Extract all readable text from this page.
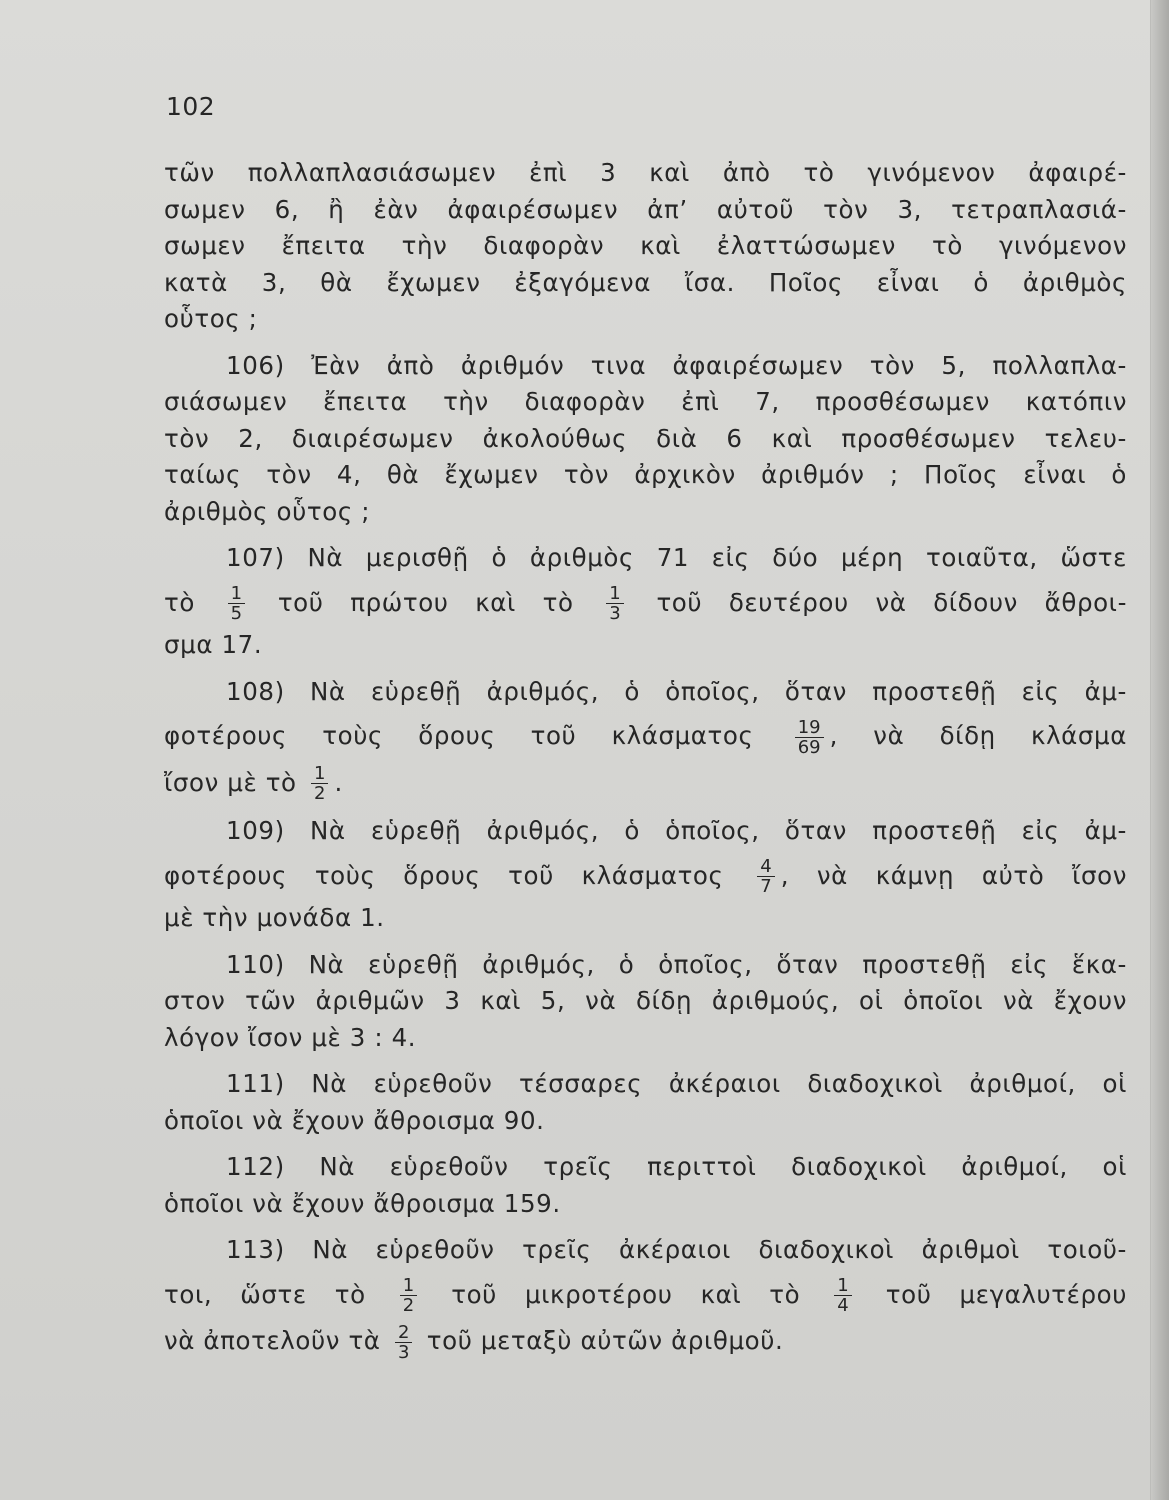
102

τῶν πολλαπλασιάσωμεν ἐπὶ 3 καὶ ἀπὸ τὸ γινόμενον ἀφαιρέ-
σωμεν 6, ἢ ἐὰν ἀφαιρέσωμεν ἀπ’ αὐτοῦ τὸν 3, τετραπλασιά-
σωμεν ἔπειτα τὴν διαφορὰν καὶ ἐλαττώσωμεν τὸ γινόμενον
κατὰ 3, θὰ ἔχωμεν ἐξαγόμενα ἴσα. Ποῖος εἶναι ὁ ἀριθμὸς
οὗτος ;

106) Ἐὰν ἀπὸ ἀριθμόν τινα ἀφαιρέσωμεν τὸν 5, πολλαπλα-
σιάσωμεν ἔπειτα τὴν διαφορὰν ἐπὶ 7, προσθέσωμεν κατόπιν
τὸν 2, διαιρέσωμεν ἀκολούθως διὰ 6 καὶ προσθέσωμεν τελευ-
ταίως τὸν 4, θὰ ἔχωμεν τὸν ἀρχικὸν ἀριθμόν ; Ποῖος εἶναι ὁ
ἀριθμὸς οὗτος ;

107) Νὰ μερισθῇ ὁ ἀριθμὸς 71 εἰς δύο μέρη τοιαῦτα, ὥστε
τὸ $\frac{1}{5}$ τοῦ πρώτου καὶ τὸ $\frac{1}{3}$ τοῦ δευτέρου νὰ δίδουν ἄθροι-
σμα 17.

108) Νὰ εὑρεθῇ ἀριθμός, ὁ ὁποῖος, ὅταν προστεθῇ εἰς ἀμ-
φοτέρους τοὺς ὅρους τοῦ κλάσματος $\frac{19}{69}$ , νὰ δίδῃ κλάσμα
ἴσον μὲ τὸ $\frac{1}{2}$ .

109) Νὰ εὑρεθῇ ἀριθμός, ὁ ὁποῖος, ὅταν προστεθῇ εἰς ἀμ-
φοτέρους τοὺς ὅρους τοῦ κλάσματος $\frac{4}{7}$ , νὰ κάμνῃ αὐτὸ ἴσον
μὲ τὴν μονάδα 1.

110) Νὰ εὑρεθῇ ἀριθμός, ὁ ὁποῖος, ὅταν προστεθῇ εἰς ἕκα-
στον τῶν ἀριθμῶν 3 καὶ 5, νὰ δίδῃ ἀριθμούς, οἱ ὁποῖοι νὰ ἔχουν
λόγον ἴσον μὲ 3 : 4.

111) Νὰ εὑρεθοῦν τέσσαρες ἀκέραιοι διαδοχικοὶ ἀριθμοί, οἱ
ὁποῖοι νὰ ἔχουν ἄθροισμα 90.

112) Νὰ εὑρεθοῦν τρεῖς περιττοὶ διαδοχικοὶ ἀριθμοί, οἱ
ὁποῖοι νὰ ἔχουν ἄθροισμα 159.

113) Νὰ εὑρεθοῦν τρεῖς ἀκέραιοι διαδοχικοὶ ἀριθμοὶ τοιοῦ-
τοι, ὥστε τὸ $\frac{1}{2}$ τοῦ μικροτέρου καὶ τὸ $\frac{1}{4}$ τοῦ μεγαλυτέρου
νὰ ἀποτελοῦν τὰ $\frac{2}{3}$ τοῦ μεταξὺ αὐτῶν ἀριθμοῦ.
